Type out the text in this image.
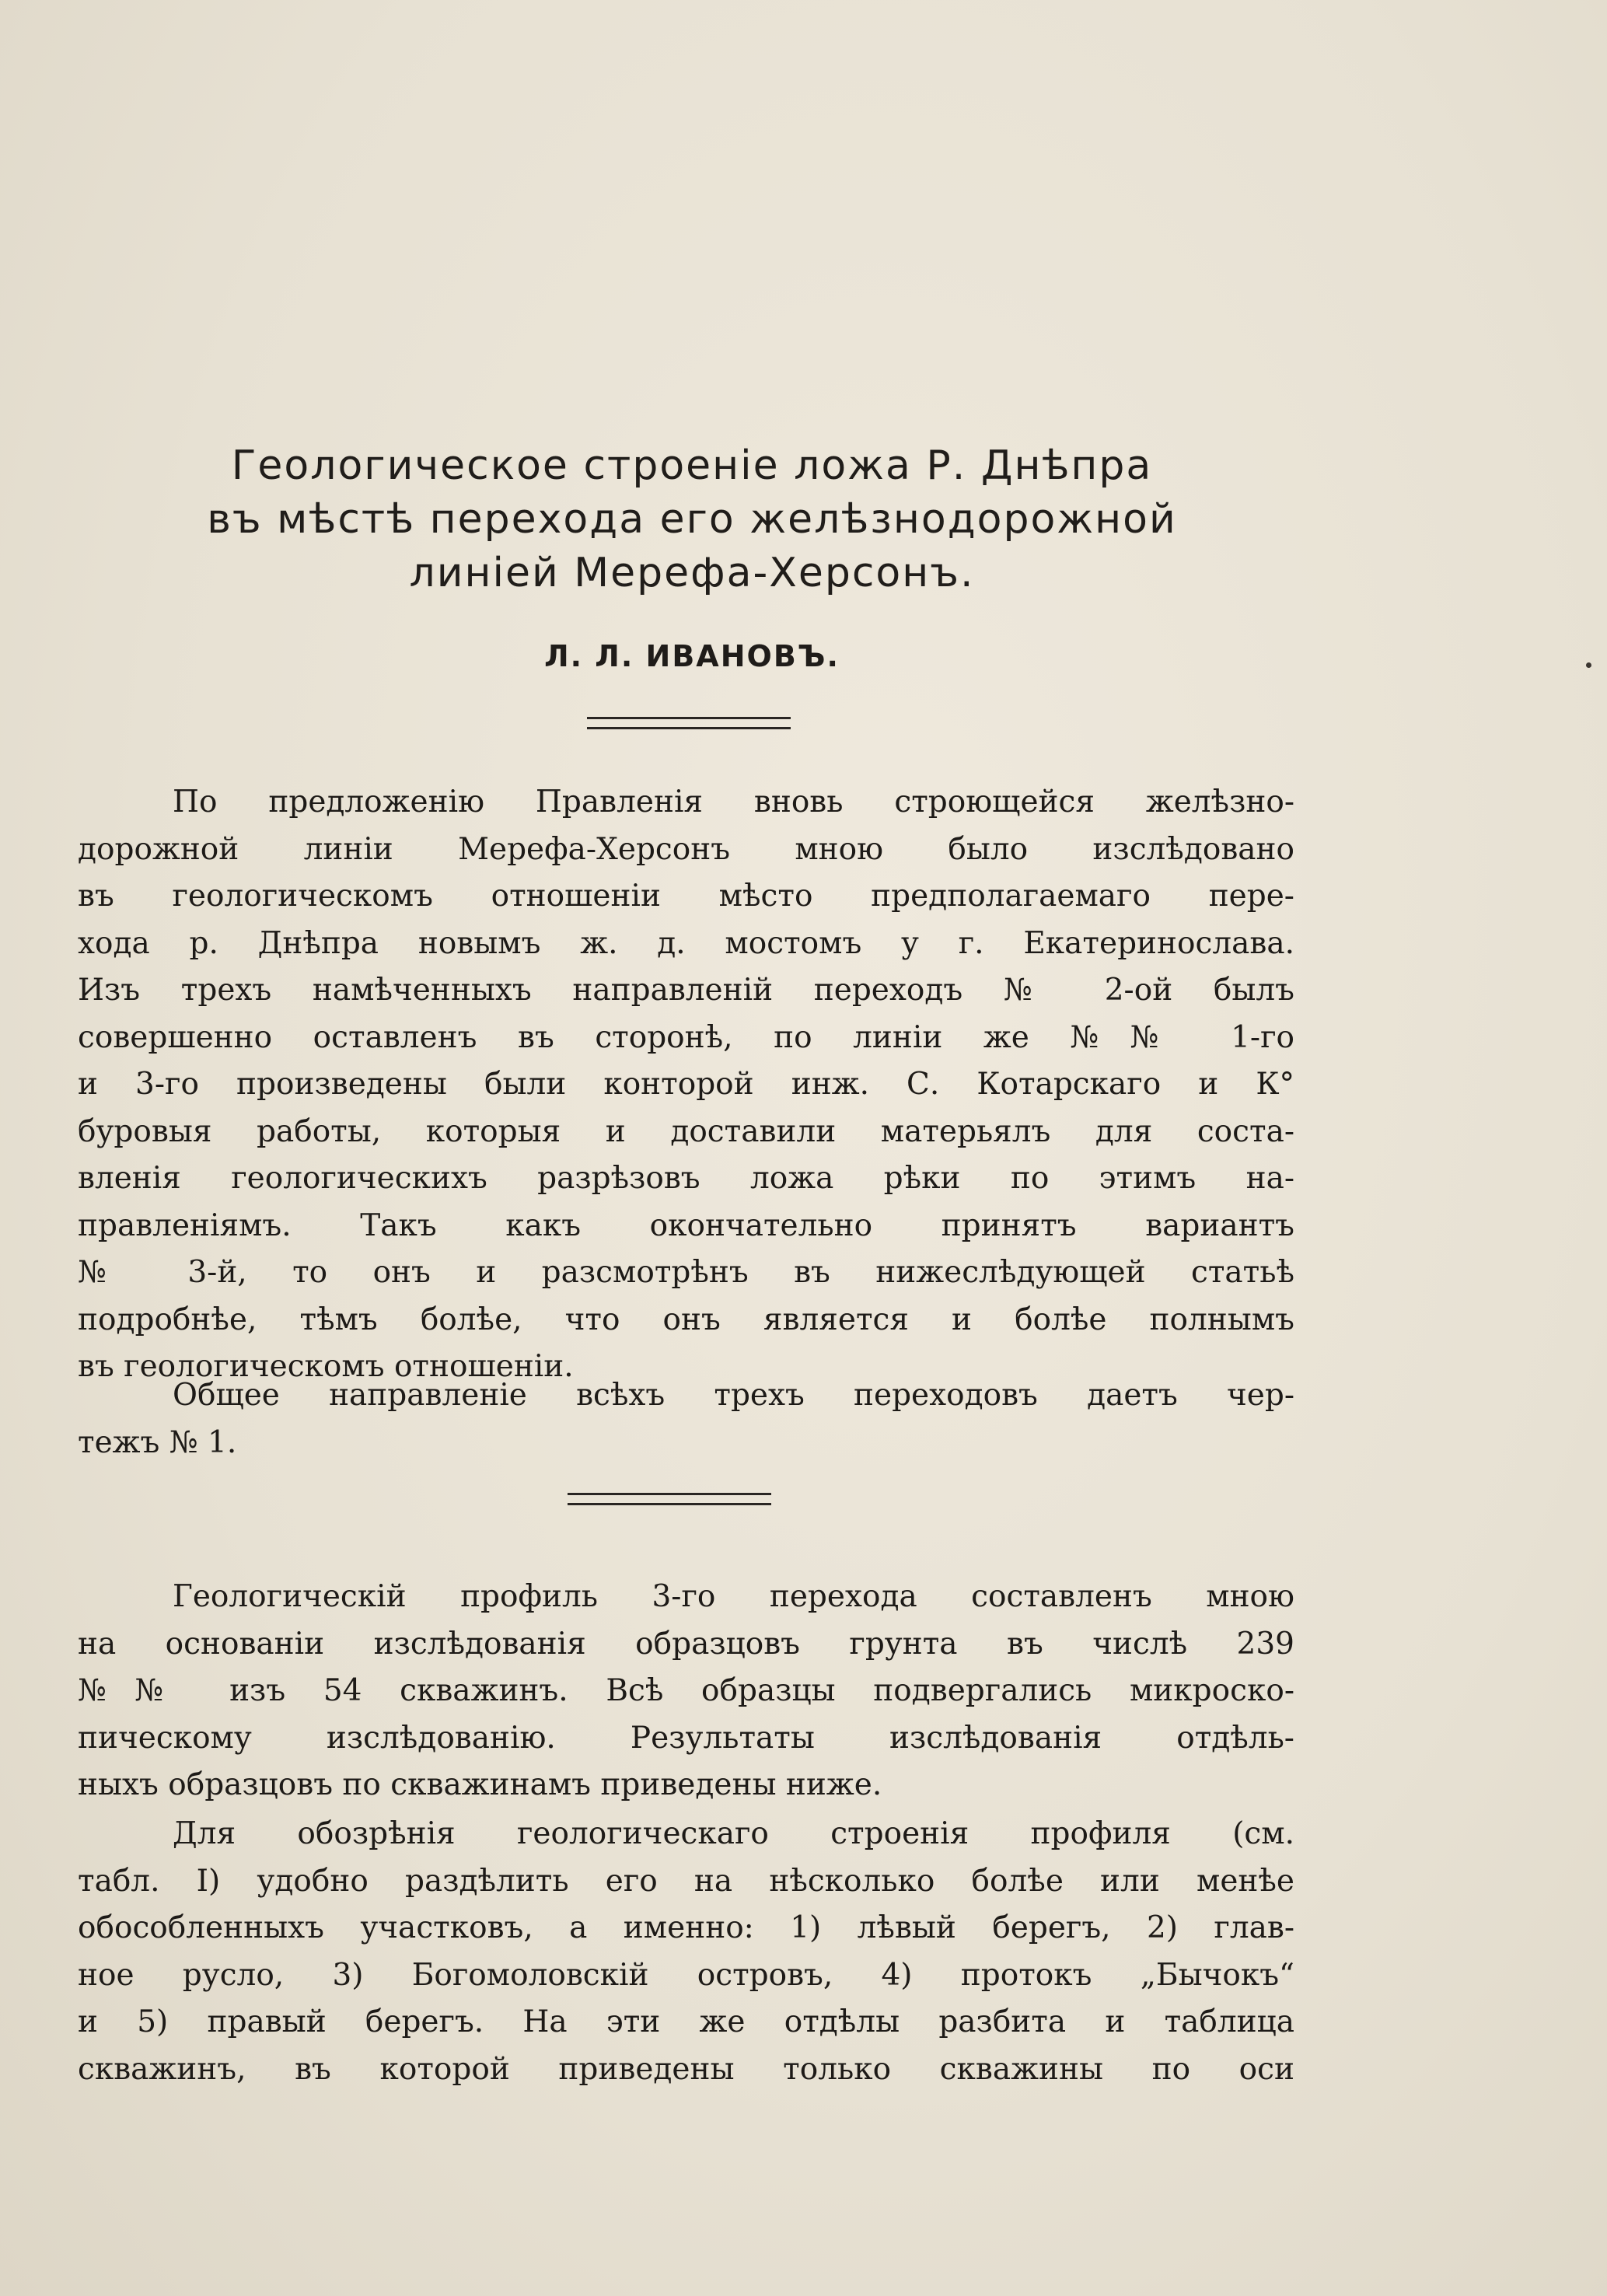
Геологическое строеніе ложа Р. Днѣпра
въ мѣстѣ перехода его желѣзнодорожной
линіей Мерефа-Херсонъ.
Л. Л. ИВАНОВЪ.

По предложенію Правленія вновь строющейся желѣзно-
дорожной линіи Мерефа-Херсонъ мною было изслѣдовано
въ геологическомъ отношеніи мѣсто предполагаемаго пере-
хода р. Днѣпра новымъ ж. д. мостомъ у г. Екатеринослава.
Изъ трехъ намѣченныхъ направленій переходъ № 2-ой былъ
совершенно оставленъ въ сторонѣ, по линіи же №№ 1-го
и 3-го произведены были конторой инж. С. Котарскаго и К°
буровыя работы, которыя и доставили матерьялъ для соста-
вленія геологическихъ разрѣзовъ ложа рѣки по этимъ на-
правленіямъ. Такъ какъ окончательно принятъ вариантъ
№ 3-й, то онъ и разсмотрѣнъ въ нижеслѣдующей статьѣ
подробнѣе, тѣмъ болѣе, что онъ является и болѣе полнымъ
въ геологическомъ отношеніи.

Общее направленіе всѣхъ трехъ переходовъ даетъ чер-
тежъ № 1.

Геологическій профиль 3-го перехода составленъ мною
на основаніи изслѣдованія образцовъ грунта въ числѣ 239
№№ изъ 54 скважинъ. Всѣ образцы подвергались микроско-
пическому изслѣдованію. Результаты изслѣдованія отдѣль-
ныхъ образцовъ по скважинамъ приведены ниже.

Для обозрѣнія геологическаго строенія профиля (см.
табл. I) удобно раздѣлить его на нѣсколько болѣе или менѣе
обособленныхъ участковъ, а именно: 1) лѣвый берегъ, 2) глав-
ное русло, 3) Богомоловскій островъ, 4) протокъ „Бычокъ“
и 5) правый берегъ. На эти же отдѣлы разбита и таблица
скважинъ, въ которой приведены только скважины по оси
